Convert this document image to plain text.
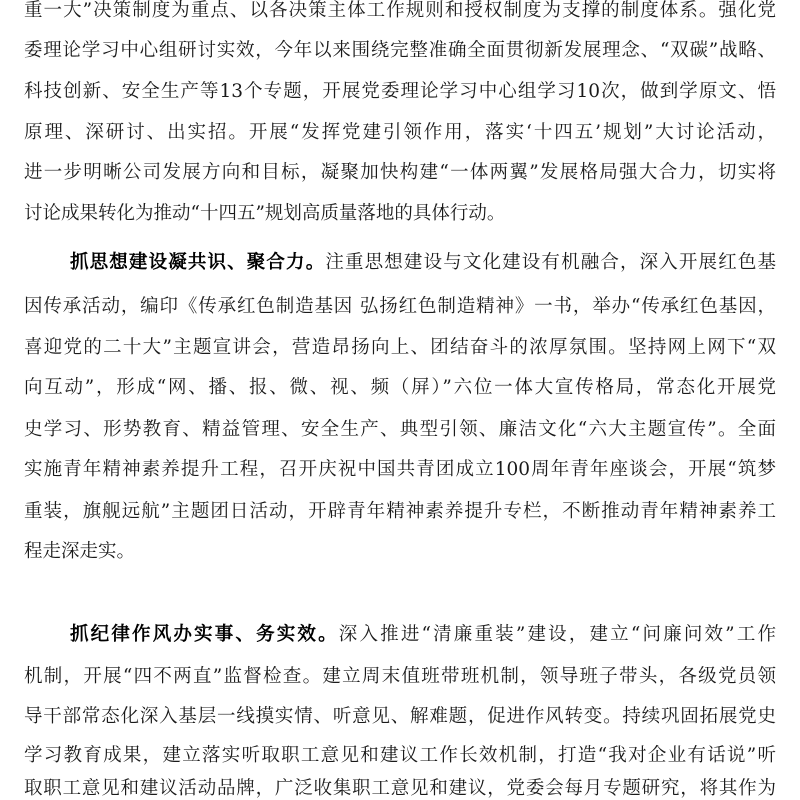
重一大”决策制度为重点、以各决策主体工作规则和授权制度为支撑的制度体系。强化党
委理论学习中心组研讨实效，今年以来围绕完整准确全面贯彻新发展理念、“双碳”战略、
科技创新、安全生产等13个专题，开展党委理论学习中心组学习10次，做到学原文、悟
原理、深研讨、出实招。开展“发挥党建引领作用，落实‘十四五’规划”大讨论活动，
进一步明晰公司发展方向和目标，凝聚加快构建“一体两翼”发展格局强大合力，切实将
讨论成果转化为推动“十四五”规划高质量落地的具体行动。
抓思想建设凝共识、聚合力。注重思想建设与文化建设有机融合，深入开展红色基
因传承活动，编印《传承红色制造基因 弘扬红色制造精神》一书，举办“传承红色基因，
喜迎党的二十大”主题宣讲会，营造昂扬向上、团结奋斗的浓厚氛围。坚持网上网下“双
向互动”，形成“网、播、报、微、视、频（屏）”六位一体大宣传格局，常态化开展党
史学习、形势教育、精益管理、安全生产、典型引领、廉洁文化“六大主题宣传”。全面
实施青年精神素养提升工程，召开庆祝中国共青团成立100周年青年座谈会，开展“筑梦
重装，旗舰远航”主题团日活动，开辟青年精神素养提升专栏，不断推动青年精神素养工
程走深走实。
抓纪律作风办实事、务实效。深入推进“清廉重装”建设，建立“问廉问效”工作
机制，开展“四不两直”监督检查。建立周末值班带班机制，领导班子带头，各级党员领
导干部常态化深入基层一线摸实情、听意见、解难题，促进作风转变。持续巩固拓展党史
学习教育成果，建立落实听取职工意见和建议工作长效机制，打造“我对企业有话说”听
取职工意见和建议活动品牌，广泛收集职工意见和建议，党委会每月专题研究，将其作为
